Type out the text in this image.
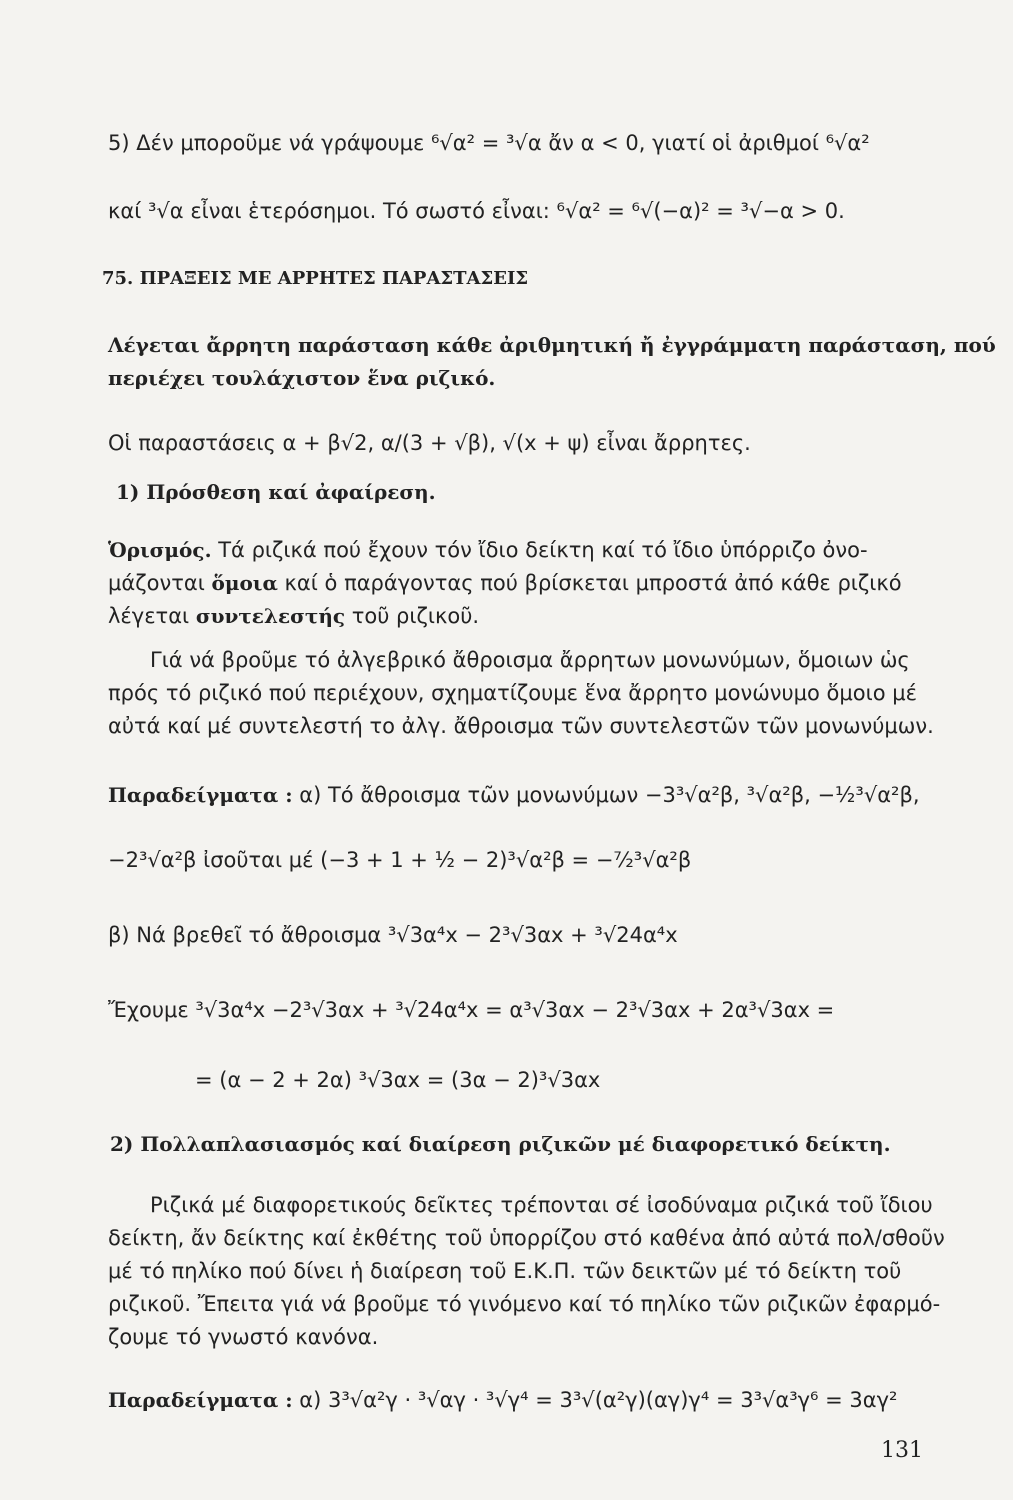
5) Δέν μποροῦμε νά γράψουμε ⁶√α² = ³√α ἄν α < 0, γιατί οἱ ἀριθμοί ⁶√α²
καί ³√α εἶναι ἑτερόσημοι. Τό σωστό εἶναι: ⁶√α² = ⁶√(−α)² = ³√−α > 0.
75. ΠΡΑΞΕΙΣ ΜΕ ΑΡΡΗΤΕΣ ΠΑΡΑΣΤΑΣΕΙΣ
Λέγεται ἄρρητη παράσταση κάθε ἀριθμητική ἤ ἐγγράμματη παράσταση, πού
περιέχει τουλάχιστον ἕνα ριζικό.
Οἱ παραστάσεις α + β√2, α/(3 + √β), √(x + ψ) εἶναι ἄρρητες.
1) Πρόσθεση καί ἀφαίρεση.
Ὁρισμός. Τά ριζικά πού ἔχουν τόν ἴδιο δείκτη καί τό ἴδιο ὑπόρριζο ὀνο-
μάζονται ὅμοια καί ὁ παράγοντας πού βρίσκεται μπροστά ἀπό κάθε ριζικό
λέγεται συντελεστής τοῦ ριζικοῦ.
Γιά νά βροῦμε τό ἀλγεβρικό ἄθροισμα ἄρρητων μονωνύμων, ὅμοιων ὡς
πρός τό ριζικό πού περιέχουν, σχηματίζουμε ἕνα ἄρρητο μονώνυμο ὅμοιο μέ
αὐτά καί μέ συντελεστή το ἀλγ. ἄθροισμα τῶν συντελεστῶν τῶν μονωνύμων.
Παραδείγματα : α) Τό ἄθροισμα τῶν μονωνύμων −3³√α²β, ³√α²β, −½³√α²β,
−2³√α²β ἰσοῦται μέ (−3 + 1 + ½ − 2)³√α²β = −⁷⁄₂³√α²β
β) Νά βρεθεῖ τό ἄθροισμα ³√3α⁴x − 2³√3αx + ³√24α⁴x
Ἔχουμε ³√3α⁴x −2³√3αx + ³√24α⁴x = α³√3αx − 2³√3αx + 2α³√3αx =
= (α − 2 + 2α) ³√3αx = (3α − 2)³√3αx
2) Πολλαπλασιασμός καί διαίρεση ριζικῶν μέ διαφορετικό δείκτη.
Ριζικά μέ διαφορετικούς δεῖκτες τρέπονται σέ ἰσοδύναμα ριζικά τοῦ ἴδιου
δείκτη, ἄν δείκτης καί ἐκθέτης τοῦ ὑπορρίζου στό καθένα ἀπό αὐτά πολ/σθοῦν
μέ τό πηλίκο πού δίνει ἡ διαίρεση τοῦ Ε.Κ.Π. τῶν δεικτῶν μέ τό δείκτη τοῦ
ριζικοῦ. Ἔπειτα γιά νά βροῦμε τό γινόμενο καί τό πηλίκο τῶν ριζικῶν ἐφαρμό-
ζουμε τό γνωστό κανόνα.
Παραδείγματα : α) 3³√α²γ · ³√αγ · ³√γ⁴ = 3³√(α²γ)(αγ)γ⁴ = 3³√α³γ⁶ = 3αγ²
131
